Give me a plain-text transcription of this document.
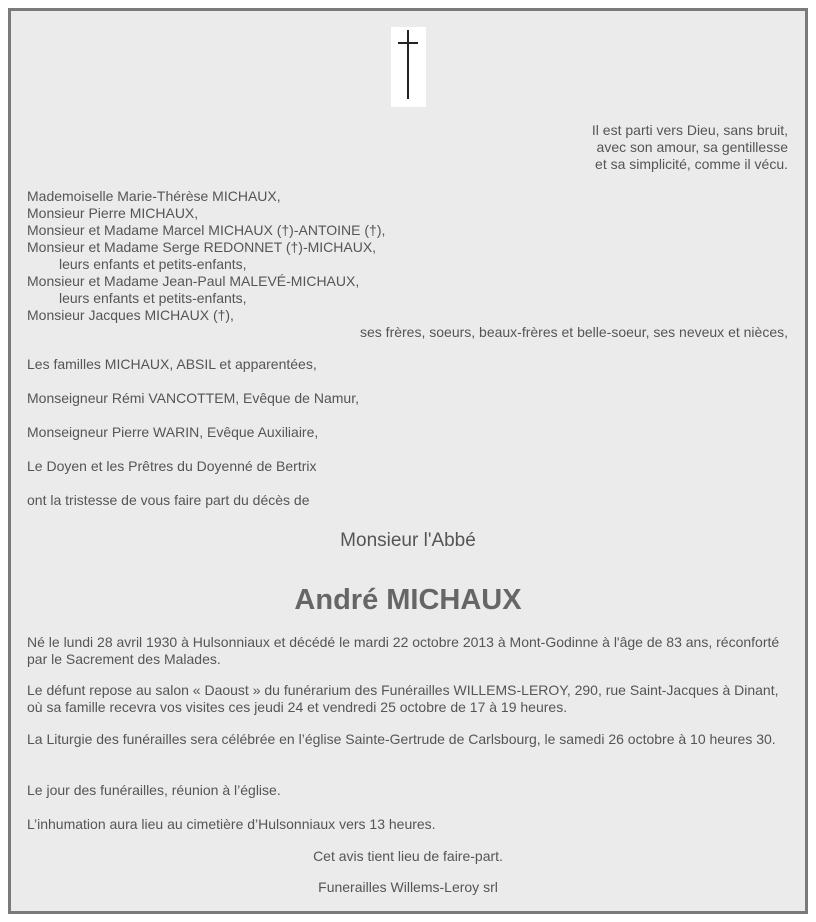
Il est parti vers Dieu, sans bruit,
avec son amour, sa gentillesse
et sa simplicité, comme il vécu.
Mademoiselle Marie-Thérèse MICHAUX,
Monsieur Pierre MICHAUX,
Monsieur et Madame Marcel MICHAUX (†)-ANTOINE (†),
Monsieur et Madame Serge REDONNET (†)-MICHAUX,
leurs enfants et petits-enfants,
Monsieur et Madame Jean-Paul MALEVÉ-MICHAUX,
leurs enfants et petits-enfants,
Monsieur Jacques MICHAUX (†),
ses frères, soeurs, beaux-frères et belle-soeur, ses neveux et nièces,
Les familles MICHAUX, ABSIL et apparentées,
Monseigneur Rémi VANCOTTEM, Evêque de Namur,
Monseigneur Pierre WARIN, Evêque Auxiliaire,
Le Doyen et les Prêtres du Doyenné de Bertrix
ont la tristesse de vous faire part du décès de
Monsieur l'Abbé
André MICHAUX
Né le lundi 28 avril 1930 à Hulsonniaux et décédé le mardi 22 octobre 2013 à Mont-Godinne à l'âge de 83 ans, réconforté par le Sacrement des Malades.
Le défunt repose au salon « Daoust » du funérarium des Funérailles WILLEMS-LEROY, 290, rue Saint-Jacques à Dinant, où sa famille recevra vos visites ces jeudi 24 et vendredi 25 octobre de 17 à 19 heures.
La Liturgie des funérailles sera célébrée en l’église Sainte-Gertrude de Carlsbourg, le samedi 26 octobre à 10 heures 30.
Le jour des funérailles, réunion à l’église.
L’inhumation aura lieu au cimetière d’Hulsonniaux vers 13 heures.
Cet avis tient lieu de faire-part.
Funerailles Willems-Leroy srl
